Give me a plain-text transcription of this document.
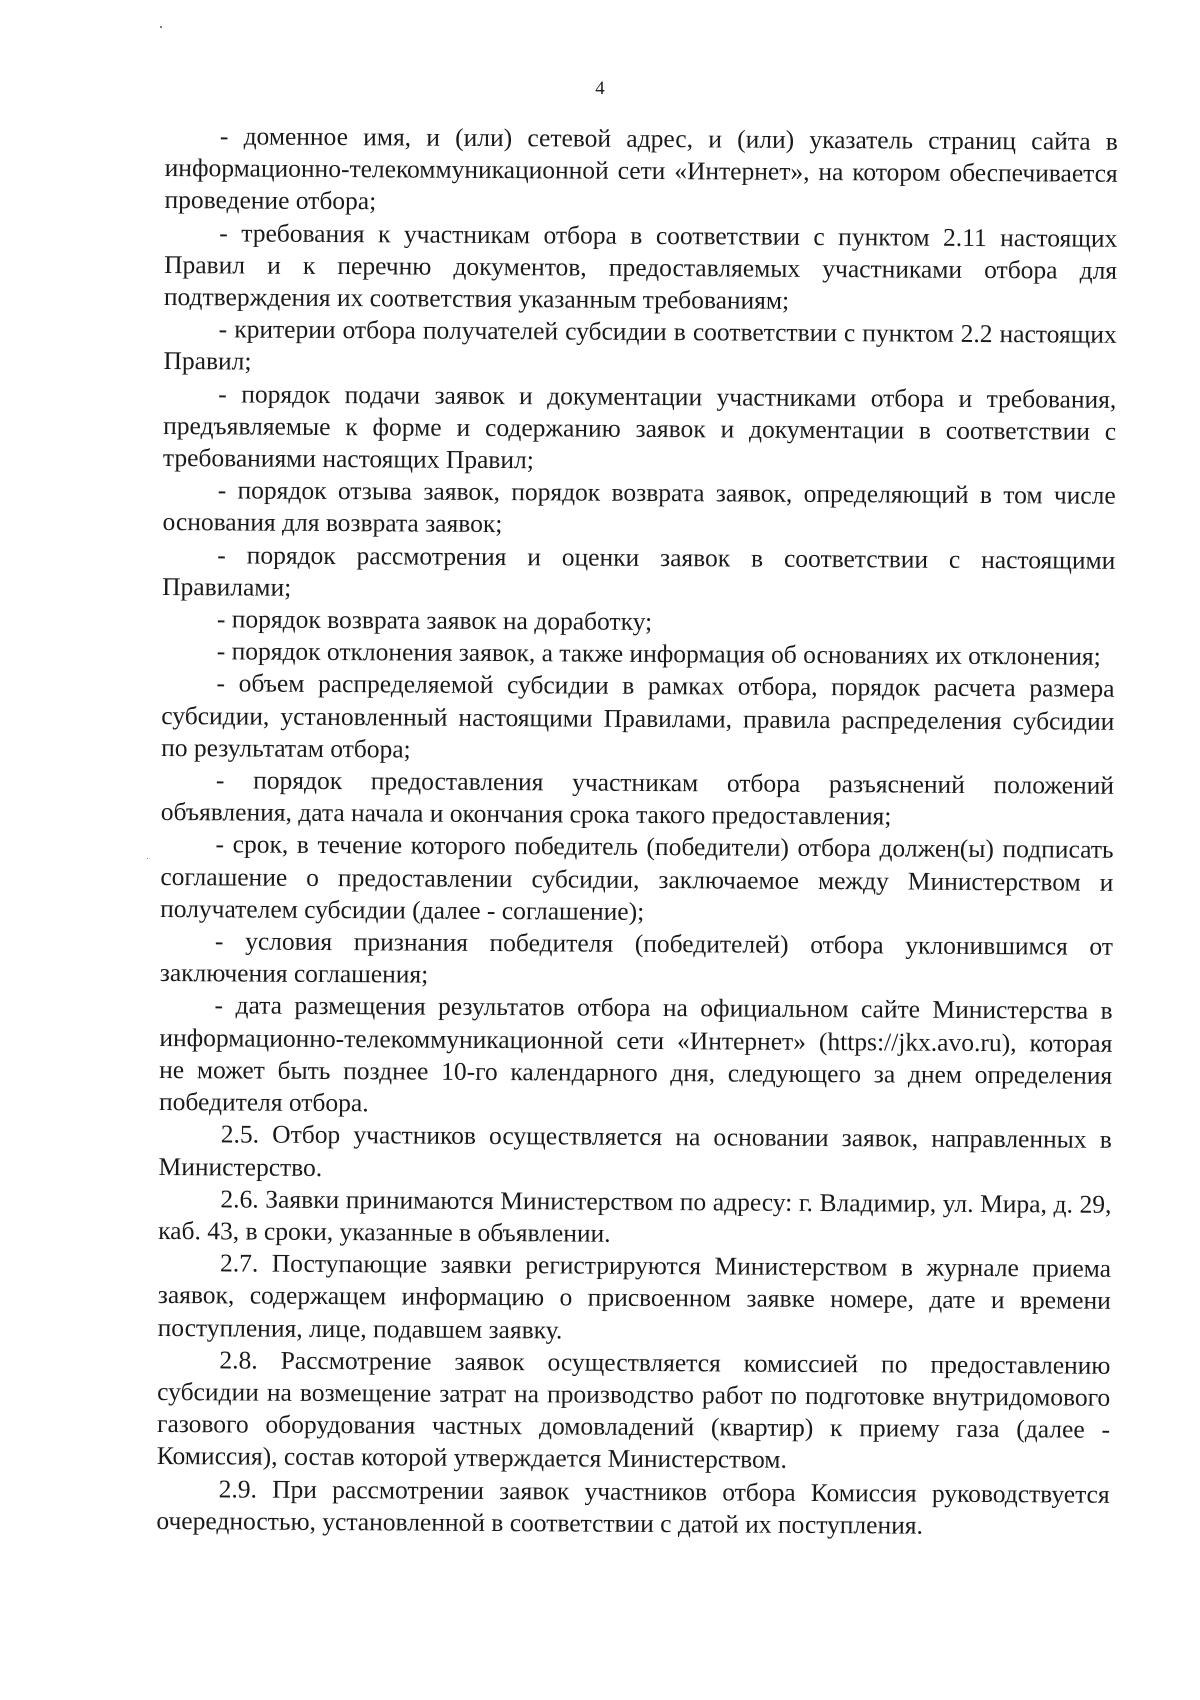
4

- доменное имя, и (или) сетевой адрес, и (или) указатель страниц сайта в информационно-телекоммуникационной сети «Интернет», на котором обеспечивается проведение отбора;

- требования к участникам отбора в соответствии с пунктом 2.11 настоящих Правил и к перечню документов, предоставляемых участниками отбора для подтверждения их соответствия указанным требованиям;

- критерии отбора получателей субсидии в соответствии с пунктом 2.2 настоящих Правил;

- порядок подачи заявок и документации участниками отбора и требования, предъявляемые к форме и содержанию заявок и документации в соответствии с требованиями настоящих Правил;

- порядок отзыва заявок, порядок возврата заявок, определяющий в том числе основания для возврата заявок;

- порядок рассмотрения и оценки заявок в соответствии с настоящими Правилами;

- порядок возврата заявок на доработку;

- порядок отклонения заявок, а также информация об основаниях их отклонения;

- объем распределяемой субсидии в рамках отбора, порядок расчета размера субсидии, установленный настоящими Правилами, правила распределения субсидии по результатам отбора;

- порядок предоставления участникам отбора разъяснений положений объявления, дата начала и окончания срока такого предоставления;

- срок, в течение которого победитель (победители) отбора должен(ы) подписать соглашение о предоставлении субсидии, заключаемое между Министерством и получателем субсидии (далее - соглашение);

- условия признания победителя (победителей) отбора уклонившимся от заключения соглашения;

- дата размещения результатов отбора на официальном сайте Министерства в информационно-телекоммуникационной сети «Интернет» (https://jkx.avo.ru), которая не может быть позднее 10-го календарного дня, следующего за днем определения победителя отбора.

2.5. Отбор участников осуществляется на основании заявок, направленных в Министерство.

2.6. Заявки принимаются Министерством по адресу: г. Владимир, ул. Мира, д. 29, каб. 43, в сроки, указанные в объявлении.

2.7. Поступающие заявки регистрируются Министерством в журнале приема заявок, содержащем информацию о присвоенном заявке номере, дате и времени поступления, лице, подавшем заявку.

2.8. Рассмотрение заявок осуществляется комиссией по предоставлению субсидии на возмещение затрат на производство работ по подготовке внутридомового газового оборудования частных домовладений (квартир) к приему газа (далее - Комиссия), состав которой утверждается Министерством.

2.9. При рассмотрении заявок участников отбора Комиссия руководствуется очередностью, установленной в соответствии с датой их поступления.
